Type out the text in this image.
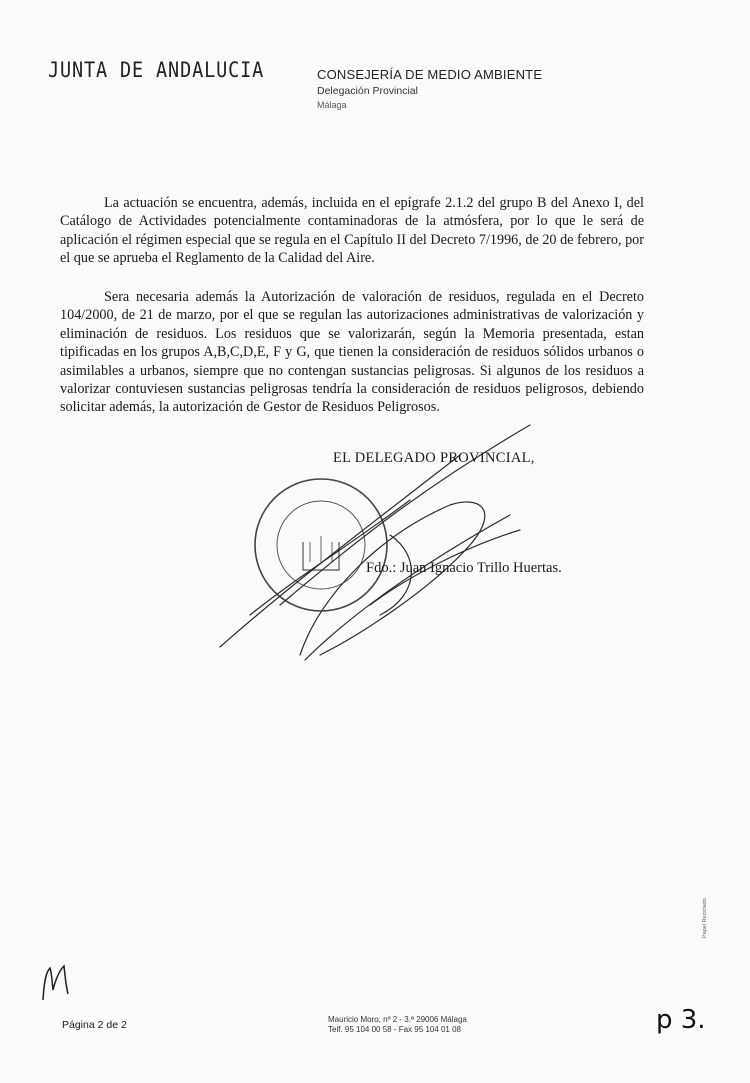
JUNTA DE ANDALUCIA	CONSEJERÍA DE MEDIO AMBIENTE
Delegación Provincial
Málaga

La actuación se encuentra, además, incluida en el epígrafe 2.1.2 del grupo B del Anexo I, del Catálogo de Actividades potencialmente contaminadoras de la atmósfera, por lo que le será de aplicación el régimen especial que se regula en el Capítulo II del Decreto 7/1996, de 20 de febrero, por el que se aprueba el Reglamento de la Calidad del Aire.

Sera necesaria además la Autorización de valoración de residuos, regulada en el Decreto 104/2000, de 21 de marzo, por el que se regulan las autorizaciones administrativas de valorización y eliminación de residuos. Los residuos que se valorizarán, según la Memoria presentada, estan tipificadas en los grupos A,B,C,D,E, F y G, que tienen la consideración de residuos sólidos urbanos o asimilables a urbanos, siempre que no contengan sustancias peligrosas. Si algunos de los residuos a valorizar contuviesen sustancias peligrosas tendría la consideración de residuos peligrosos, debiendo solicitar además, la autorización de Gestor de Residuos Peligrosos.

EL DELEGADO PROVINCIAL,
Fdo.: Juan Ignacio Trillo Huertas.
Página 2 de 2	Mauricio Moro, nº 2 - 3.ª 29006 Málaga
Telf. 95 104 00 58 - Fax 95 104 01 08	p 3.
Papel Reciclado
